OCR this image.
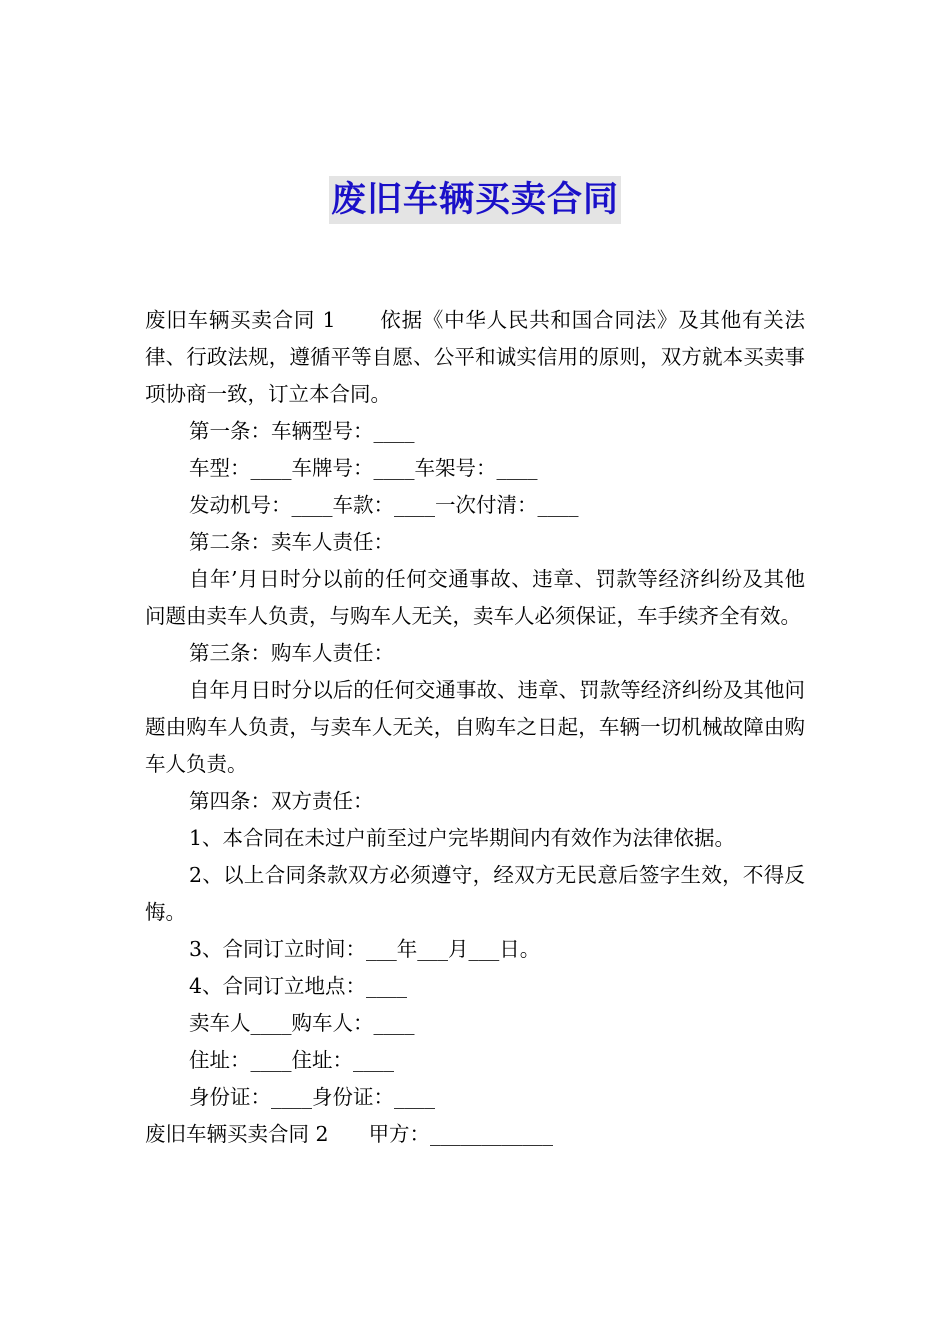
废旧车辆买卖合同

废旧车辆买卖合同 1 依据《中华人民共和国合同法》及其他有关法律、行政法规，遵循平等自愿、公平和诚实信用的原则，双方就本买卖事项协商一致，订立本合同。

第一条：车辆型号：____

车型：____车牌号：____车架号：____

发动机号：____车款：____一次付清：____

第二条：卖车人责任：

自年’月日时分以前的任何交通事故、违章、罚款等经济纠纷及其他问题由卖车人负责，与购车人无关，卖车人必须保证，车手续齐全有效。

第三条：购车人责任：

自年月日时分以后的任何交通事故、违章、罚款等经济纠纷及其他问题由购车人负责，与卖车人无关，自购车之日起，车辆一切机械故障由购车人负责。

第四条：双方责任：

1、本合同在未过户前至过户完毕期间内有效作为法律依据。

2、以上合同条款双方必须遵守，经双方无民意后签字生效，不得反悔。

3、合同订立时间：___年___月___日。

4、合同订立地点：____

卖车人____购车人：____

住址：____住址：____

身份证：____身份证：____

废旧车辆买卖合同 2 甲方：____________
